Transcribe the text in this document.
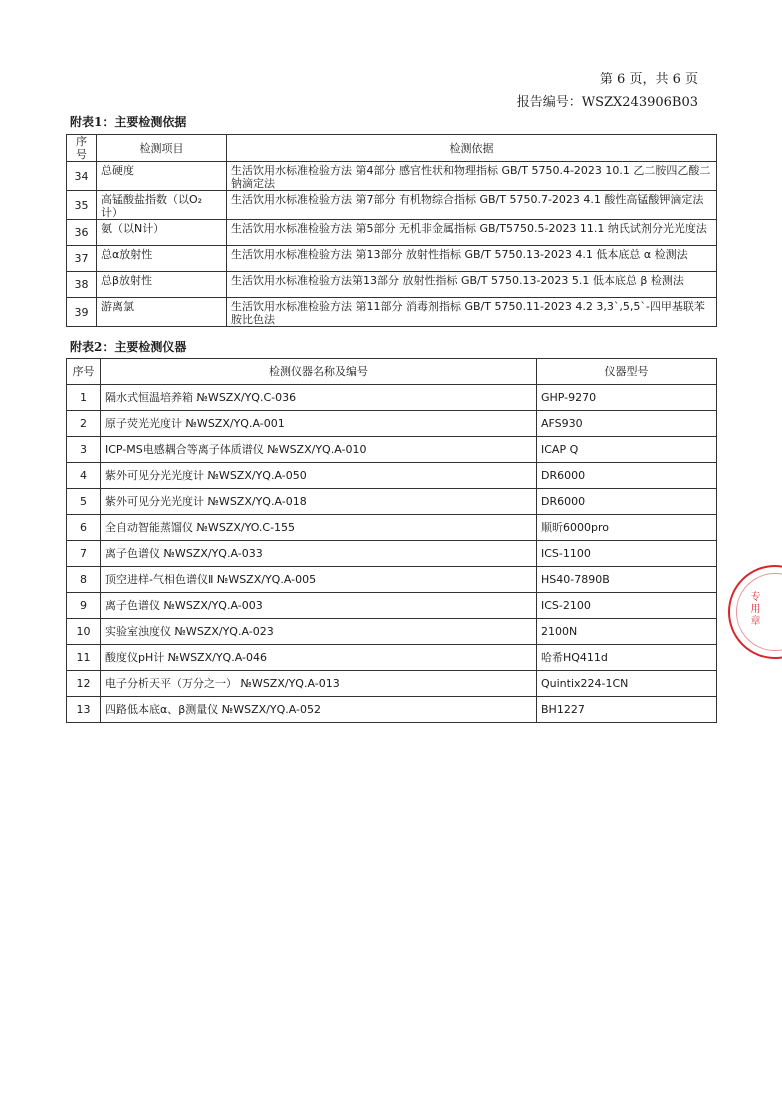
第 6 页，共 6 页
报告编号：WSZX243906B03
附表1：主要检测依据
序号	检测项目	检测依据
34	总硬度	生活饮用水标准检验方法 第4部分 感官性状和物理指标 GB/T 5750.4-2023 10.1 乙二胺四乙酸二钠滴定法
35	高锰酸盐指数（以O₂ 计）	生活饮用水标准检验方法 第7部分 有机物综合指标 GB/T 5750.7-2023 4.1 酸性高锰酸钾滴定法
36	氨（以N计）	生活饮用水标准检验方法 第5部分 无机非金属指标 GB/T5750.5-2023 11.1 纳氏试剂分光光度法
37	总α放射性	生活饮用水标准检验方法 第13部分 放射性指标 GB/T 5750.13-2023 4.1 低本底总 α 检测法
38	总β放射性	生活饮用水标准检验方法第13部分 放射性指标 GB/T 5750.13-2023 5.1 低本底总 β 检测法
39	游离氯	生活饮用水标准检验方法 第11部分 消毒剂指标 GB/T 5750.11-2023 4.2 3,3`,5,5`-四甲基联苯胺比色法
附表2：主要检测仪器
序号	检测仪器名称及编号	仪器型号
1	隔水式恒温培养箱 №WSZX/YQ.C-036	GHP-9270
2	原子荧光光度计 №WSZX/YQ.A-001	AFS930
3	ICP-MS电感耦合等离子体质谱仪 №WSZX/YQ.A-010	ICAP Q
4	紫外可见分光光度计 №WSZX/YQ.A-050	DR6000
5	紫外可见分光光度计 №WSZX/YQ.A-018	DR6000
6	全自动智能蒸馏仪 №WSZX/YO.C-155	顺昕6000pro
7	离子色谱仪 №WSZX/YQ.A-033	ICS-1100
8	顶空进样-气相色谱仪Ⅱ №WSZX/YQ.A-005	HS40-7890B
9	离子色谱仪 №WSZX/YQ.A-003	ICS-2100
10	实验室浊度仪 №WSZX/YQ.A-023	2100N
11	酸度仪pH计 №WSZX/YQ.A-046	哈希HQ411d
12	电子分析天平（万分之一） №WSZX/YQ.A-013	Quintix224-1CN
13	四路低本底α、β测量仪 №WSZX/YQ.A-052	BH1227
专用章
